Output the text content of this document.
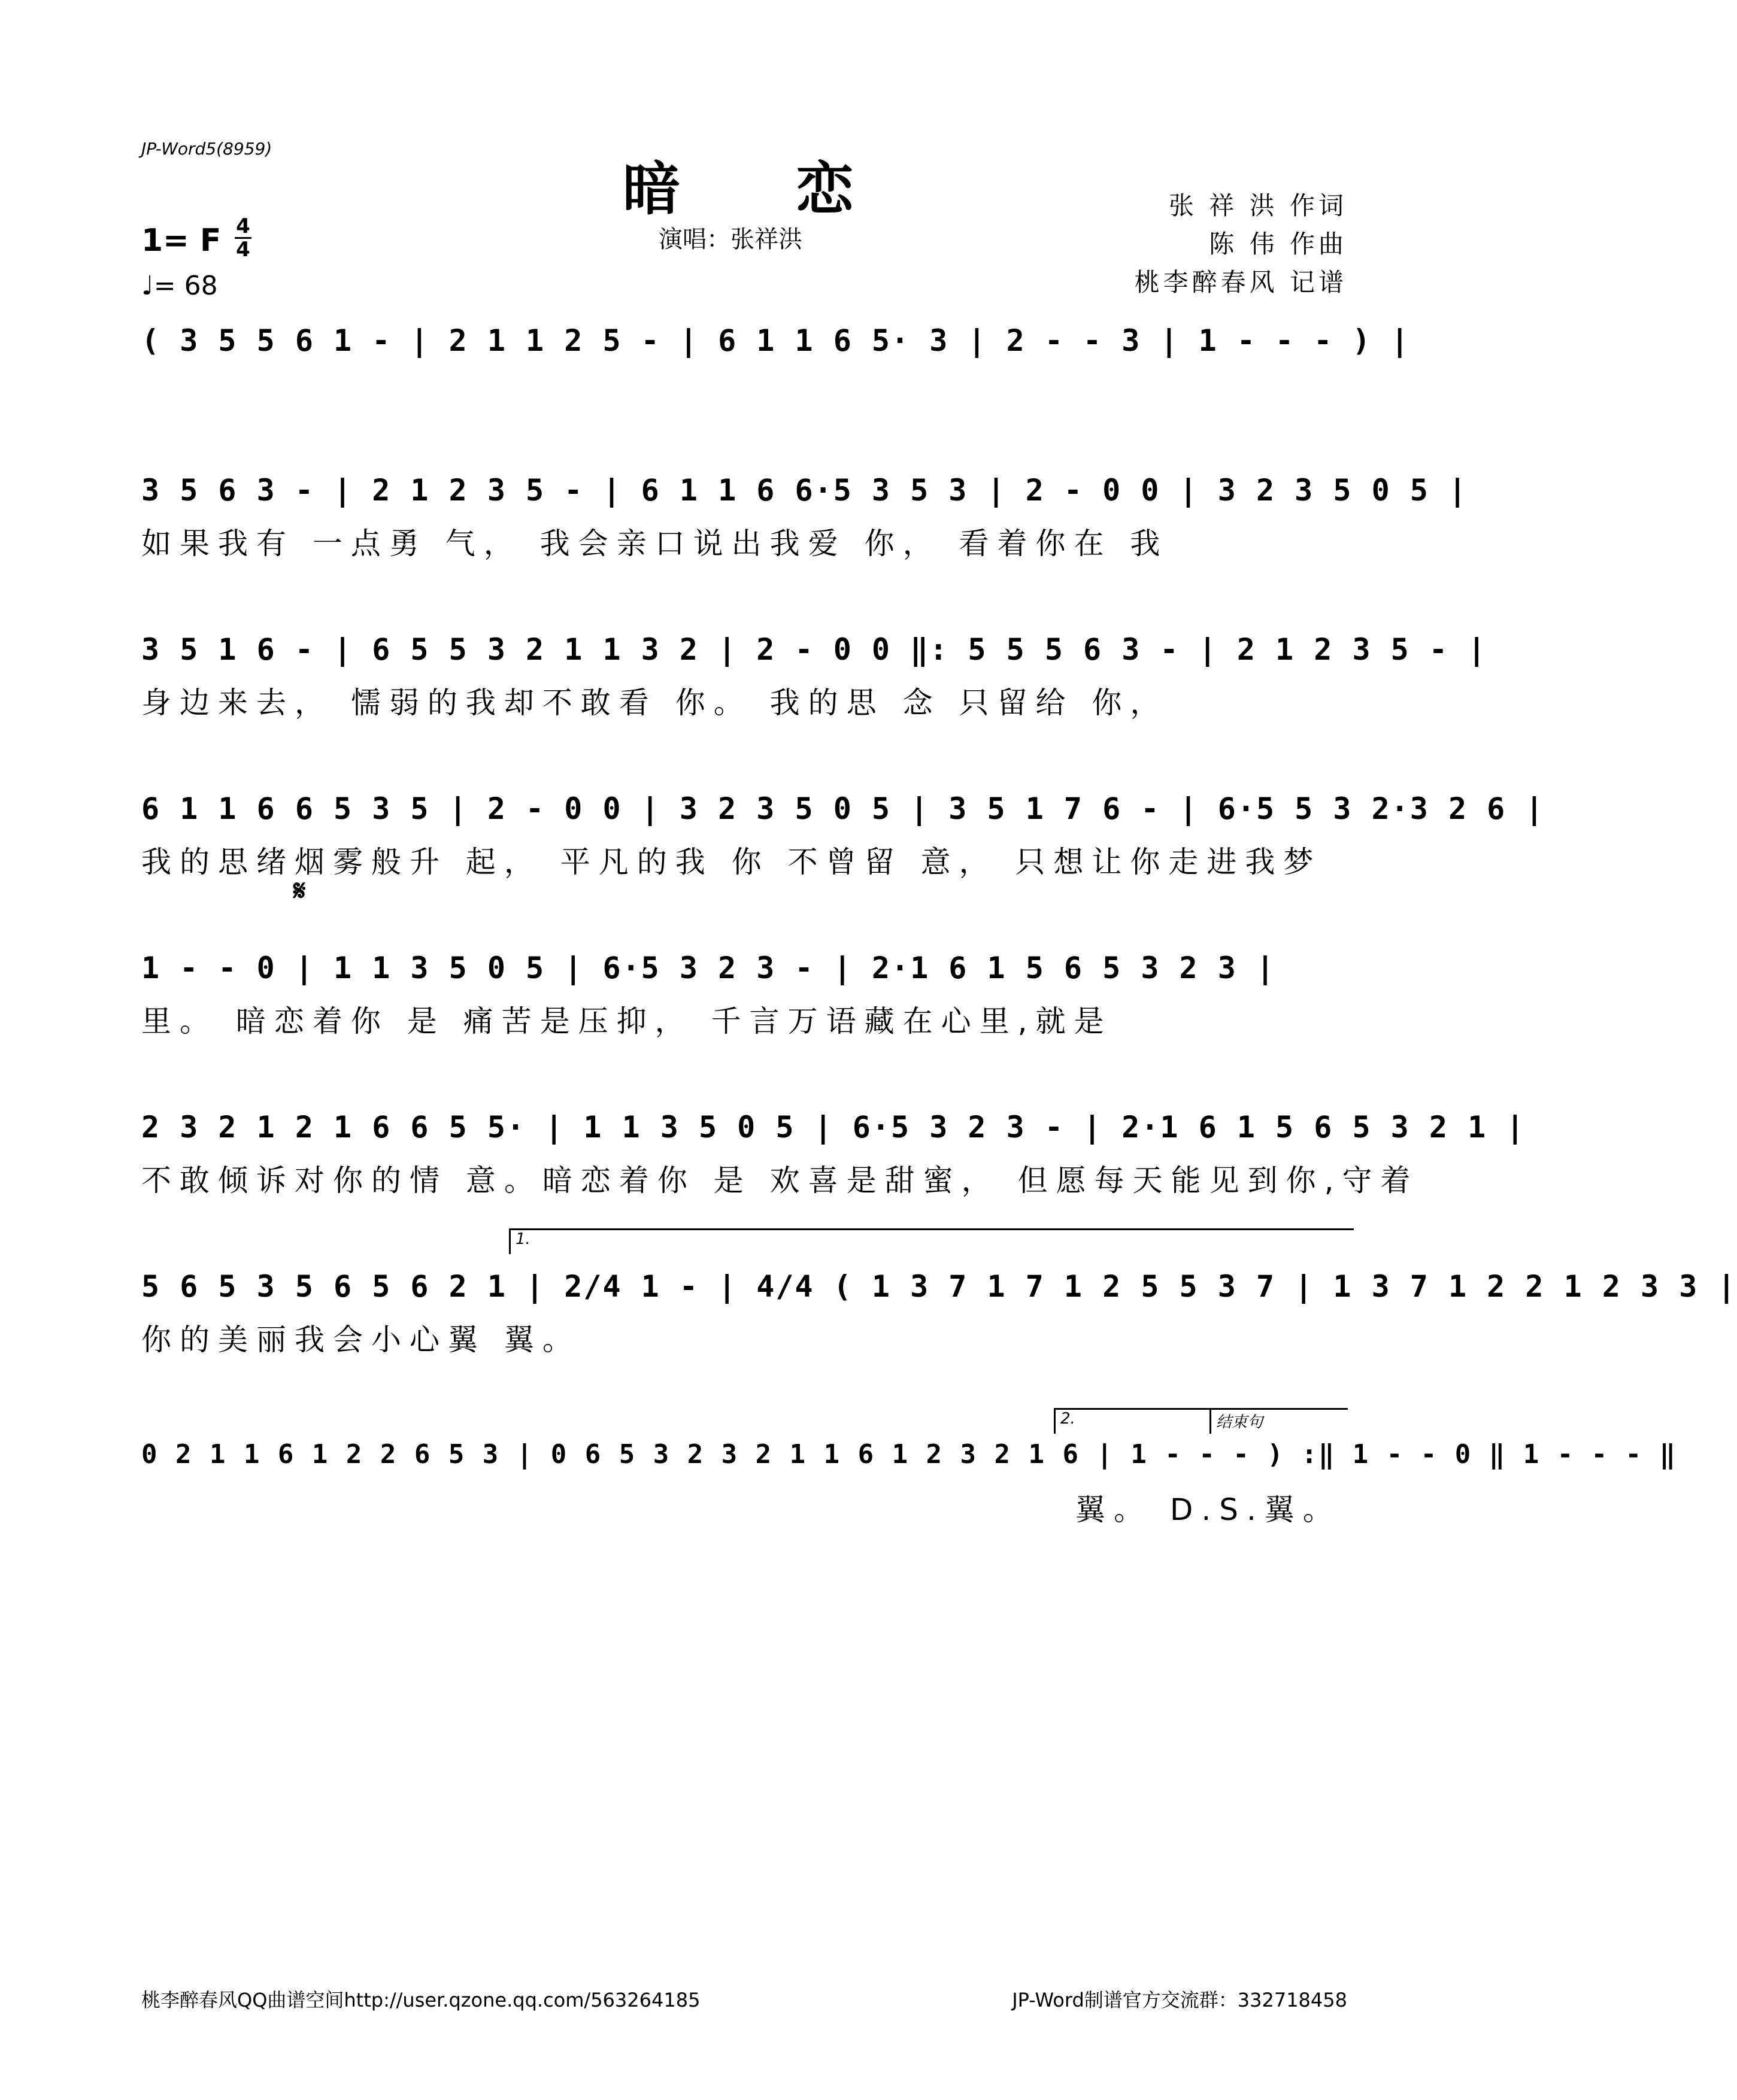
JP-Word5(8959)
暗 恋
演唱：张祥洪
张 祥 洪 作词
陈 伟 作曲
桃李醉春风 记谱
1= F 4
4
♩= 68
( 3 5 5 6 1 - | 2 1 1 2 5 - | 6 1 1 6 5· 3 | 2 - - 3 | 1 - - - ) |
3 5 6 3 - | 2 1 2 3 5 - | 6 1 1 6 6·5 3 5 3 | 2 - 0 0 | 3 2 3 5 0 5 |
如果我有 一点勇 气， 我会亲口说出我爱 你， 看着你在 我
3 5 1 6 - | 6 5 5 3 2 1 1 3 2 | 2 - 0 0 ‖: 5 5 5 6 3 - | 2 1 2 3 5 - |
身边来去， 懦弱的我却不敢看 你。 我的思 念 只留给 你，
6 1 1 6 6 5 3 5 | 2 - 0 0 | 3 2 3 5 0 5 | 3 5 1 7 6 - | 6·5 5 3 2·3 2 6 |
我的思绪烟雾般升 起， 平凡的我 你 不曾留 意， 只想让你走进我梦
𝄋
1 - - 0 | 1 1 3 5 0 5 | 6·5 3 2 3 - | 2·1 6 1 5 6 5 3 2 3 |
里。 暗恋着你 是 痛苦是压抑， 千言万语藏在心里,就是
2 3 2 1 2 1 6 6 5 5· | 1 1 3 5 0 5 | 6·5 3 2 3 - | 2·1 6 1 5 6 5 3 2 1 |
不敢倾诉对你的情 意。暗恋着你 是 欢喜是甜蜜， 但愿每天能见到你,守着
1.
5 6 5 3 5 6 5 6 2 1 | 2/4 1 - | 4/4 ( 1 3 7 1 7 1 2 5 5 3 7 | 1 3 7 1 2 2 1 2 3 3 |
你的美丽我会小心翼 翼。
2.	结束句
0 2 1 1 6 1 2 2 6 5 3 | 0 6 5 3 2 3 2 1 1 6 1 2 3 2 1 6 | 1 - - - ) :‖ 1 - - 0 ‖ 1 - - - ‖
翼。 D.S.翼。
桃李醉春风QQ曲谱空间http://user.qzone.qq.com/563264185	JP-Word制谱官方交流群：332718458
